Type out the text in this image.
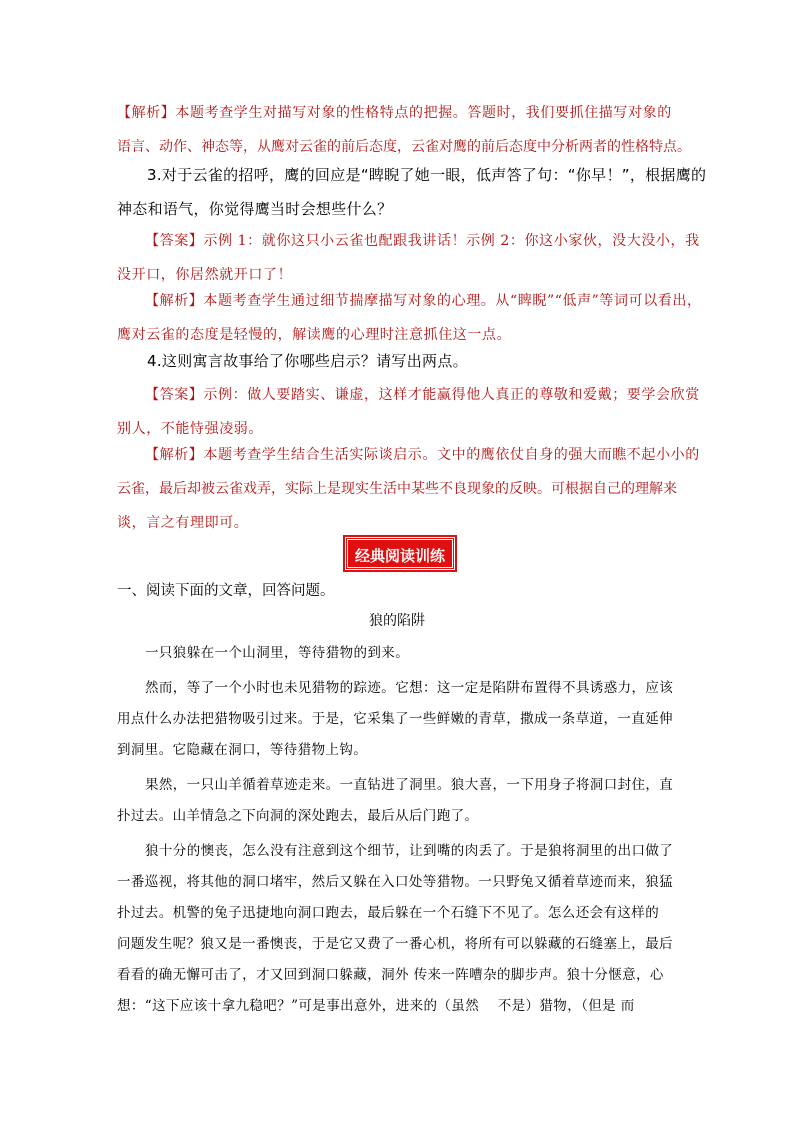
【解析】本题考查学生对描写对象的性格特点的把握。答题时，我们要抓住描写对象的
语言、动作、神态等，从鹰对云雀的前后态度，云雀对鹰的前后态度中分析两者的性格特点。
3.对于云雀的招呼，鹰的回应是“睥睨了她一眼，低声答了句：“你早！”，根据鹰的
神态和语气，你觉得鹰当时会想些什么？
【答案】示例 1：就你这只小云雀也配跟我讲话！示例 2：你这小家伙，没大没小，我
没开口，你居然就开口了！
【解析】本题考查学生通过细节揣摩描写对象的心理。从“睥睨”“低声”等词可以看出，
鹰对云雀的态度是轻慢的，解读鹰的心理时注意抓住这一点。
4.这则寓言故事给了你哪些启示？请写出两点。
【答案】示例：做人要踏实、谦虚，这样才能赢得他人真正的尊敬和爱戴；要学会欣赏
别人，不能恃强凌弱。
【解析】本题考查学生结合生活实际谈启示。文中的鹰依仗自身的强大而瞧不起小小的
云雀，最后却被云雀戏弄，实际上是现实生活中某些不良现象的反映。可根据自己的理解来
谈，言之有理即可。
经典阅读训练
一、阅读下面的文章，回答问题。
狼的陷阱
一只狼躲在一个山洞里，等待猎物的到来。
然而，等了一个小时也未见猎物的踪迹。它想：这一定是陷阱布置得不具诱惑力，应该
用点什么办法把猎物吸引过来。于是，它采集了一些鲜嫩的青草，撒成一条草道，一直延伸
到洞里。它隐藏在洞口，等待猎物上钩。
果然，一只山羊循着草迹走来。一直钻进了洞里。狼大喜，一下用身子将洞口封住，直
扑过去。山羊情急之下向洞的深处跑去，最后从后门跑了。
狼十分的懊丧，怎么没有注意到这个细节，让到嘴的肉丢了。于是狼将洞里的出口做了
一番巡视，将其他的洞口堵牢，然后又躲在入口处等猎物。一只野兔又循着草迹而来，狼猛
扑过去。机警的兔子迅捷地向洞口跑去，最后躲在一个石缝下不见了。怎么还会有这样的
问题发生呢？狼又是一番懊丧，于是它又费了一番心机，将所有可以躲藏的石缝塞上，最后
看看的确无懈可击了，才又回到洞口躲藏，洞外 传来一阵嘈杂的脚步声。狼十分惬意，心
想：“这下应该十拿九稳吧？”可是事出意外，进来的（虽然　 不是）猎物，（但是 而
